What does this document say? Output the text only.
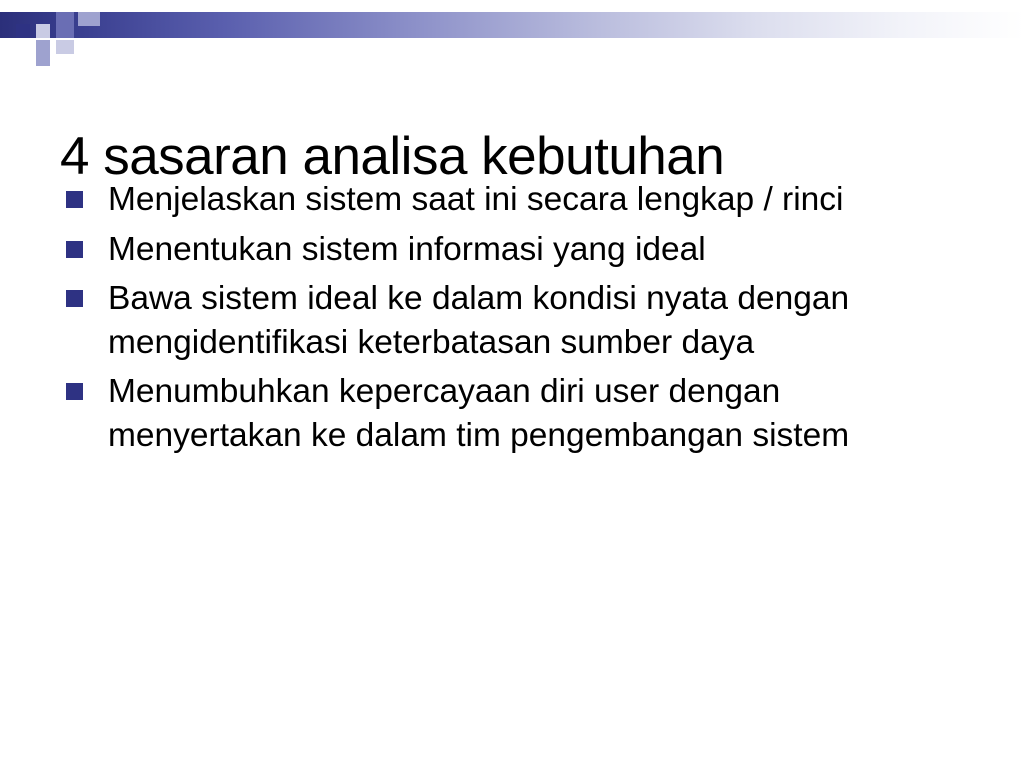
4 sasaran analisa kebutuhan
Menjelaskan sistem saat ini secara lengkap / rinci
Menentukan sistem informasi yang ideal
Bawa sistem ideal ke dalam kondisi nyata dengan mengidentifikasi keterbatasan sumber daya
Menumbuhkan kepercayaan diri user dengan menyertakan ke dalam tim pengembangan sistem
